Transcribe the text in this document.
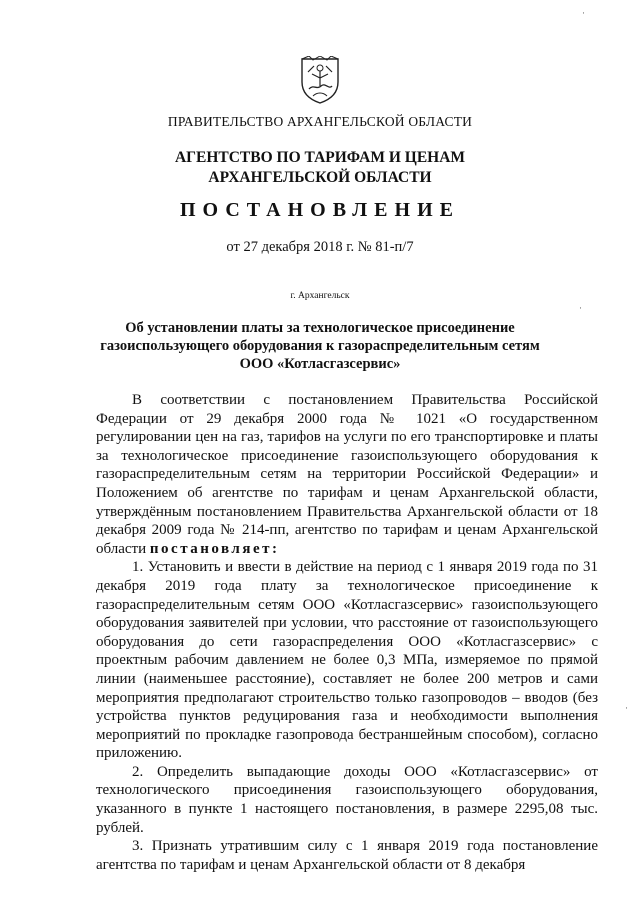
ПРАВИТЕЛЬСТВО АРХАНГЕЛЬСКОЙ ОБЛАСТИ
АГЕНТСТВО ПО ТАРИФАМ И ЦЕНАМ
АРХАНГЕЛЬСКОЙ ОБЛАСТИ
ПОСТАНОВЛЕНИЕ
от 27 декабря 2018 г. № 81-п/7
г. Архангельск
Об установлении платы за технологическое присоединение
газоиспользующего оборудования к газораспределительным сетям
ООО «Котласгазсервис»

В соответствии с постановлением Правительства Российской Федерации от 29 декабря 2000 года № 1021 «О государственном регулировании цен на газ, тарифов на услуги по его транспортировке и платы за технологическое присоединение газоиспользующего оборудования к газораспределительным сетям на территории Российской Федерации» и Положением об агентстве по тарифам и ценам Архангельской области, утверждённым постановлением Правительства Архангельской области от 18 декабря 2009 года № 214-пп, агентство по тарифам и ценам Архангельской области постановляет:

1. Установить и ввести в действие на период с 1 января 2019 года по 31 декабря 2019 года плату за технологическое присоединение к газораспределительным сетям ООО «Котласгазсервис» газоиспользующего оборудования заявителей при условии, что расстояние от газоиспользующего оборудования до сети газораспределения ООО «Котласгазсервис» с проектным рабочим давлением не более 0,3 МПа, измеряемое по прямой линии (наименьшее расстояние), составляет не более 200 метров и сами мероприятия предполагают строительство только газопроводов – вводов (без устройства пунктов редуцирования газа и необходимости выполнения мероприятий по прокладке газопровода бестраншейным способом), согласно приложению.

2. Определить выпадающие доходы ООО «Котласгазсервис» от технологического присоединения газоиспользующего оборудования, указанного в пункте 1 настоящего постановления, в размере 2295,08 тыс. рублей.

3. Признать утратившим силу с 1 января 2019 года постановление агентства по тарифам и ценам Архангельской области от 8 декабря

·
·
·
